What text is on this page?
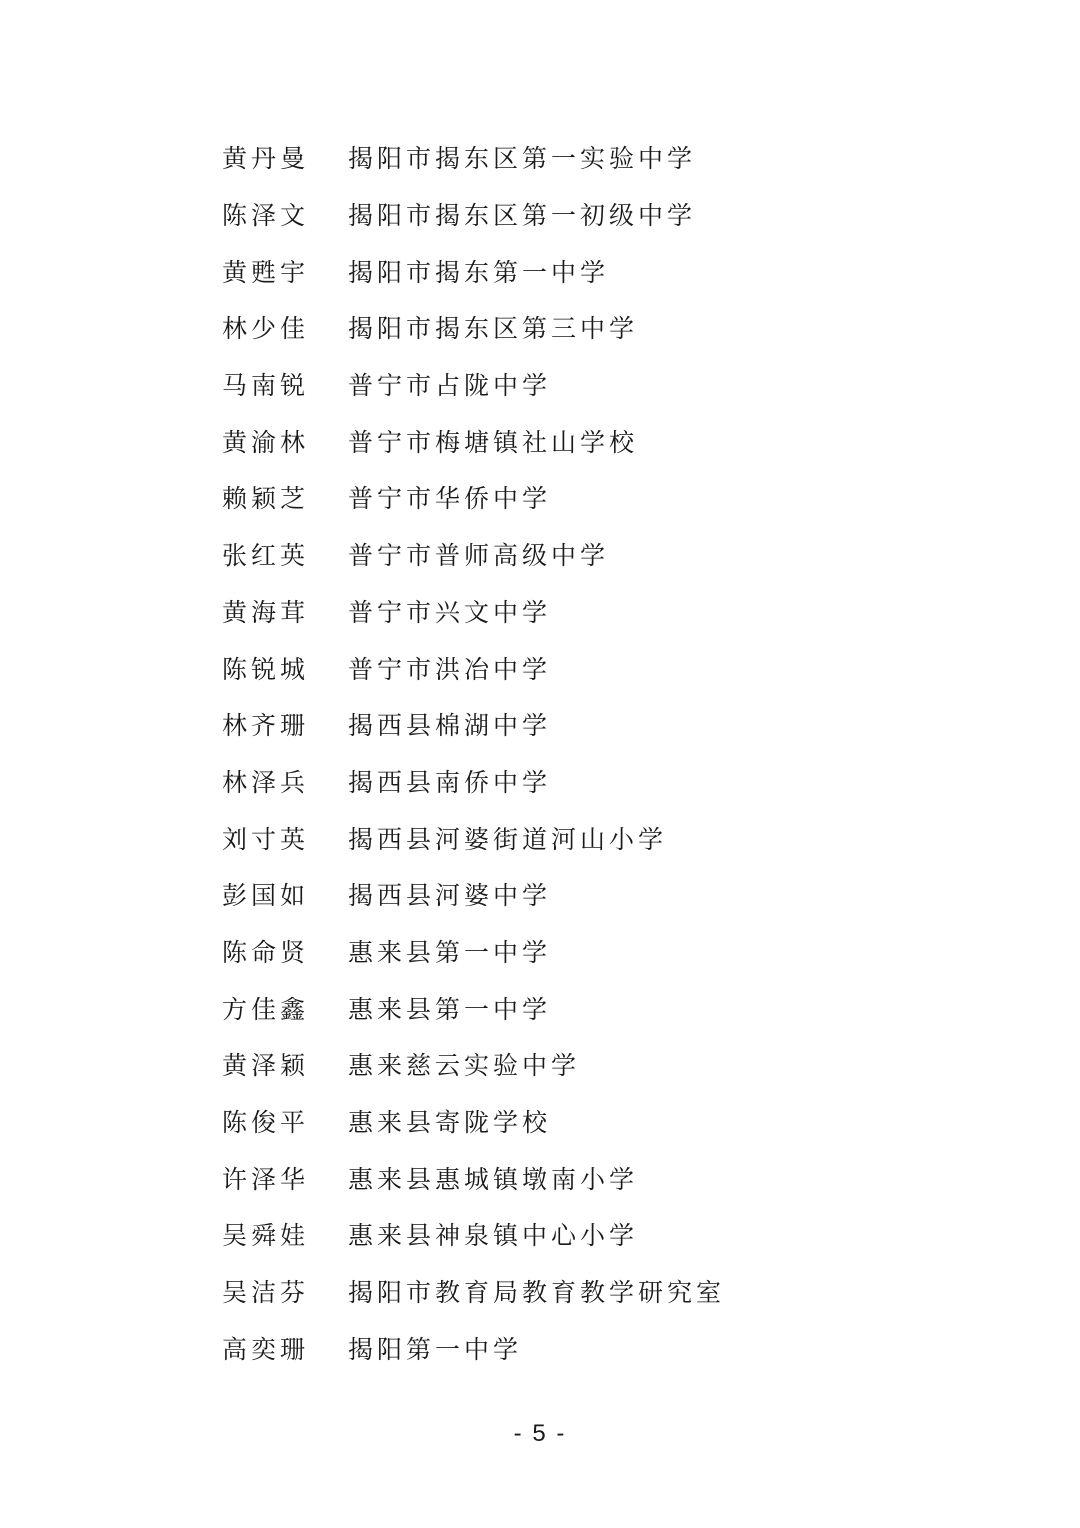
黄丹曼	揭阳市揭东区第一实验中学
陈泽文	揭阳市揭东区第一初级中学
黄甦宇	揭阳市揭东第一中学
林少佳	揭阳市揭东区第三中学
马南锐	普宁市占陇中学
黄渝林	普宁市梅塘镇社山学校
赖颖芝	普宁市华侨中学
张红英	普宁市普师高级中学
黄海茸	普宁市兴文中学
陈锐城	普宁市洪冶中学
林齐珊	揭西县棉湖中学
林泽兵	揭西县南侨中学
刘寸英	揭西县河婆街道河山小学
彭国如	揭西县河婆中学
陈命贤	惠来县第一中学
方佳鑫	惠来县第一中学
黄泽颖	惠来慈云实验中学
陈俊平	惠来县寄陇学校
许泽华	惠来县惠城镇墩南小学
吴舜娃	惠来县神泉镇中心小学
吴洁芬	揭阳市教育局教育教学研究室
高奕珊	揭阳第一中学
- 5 -
